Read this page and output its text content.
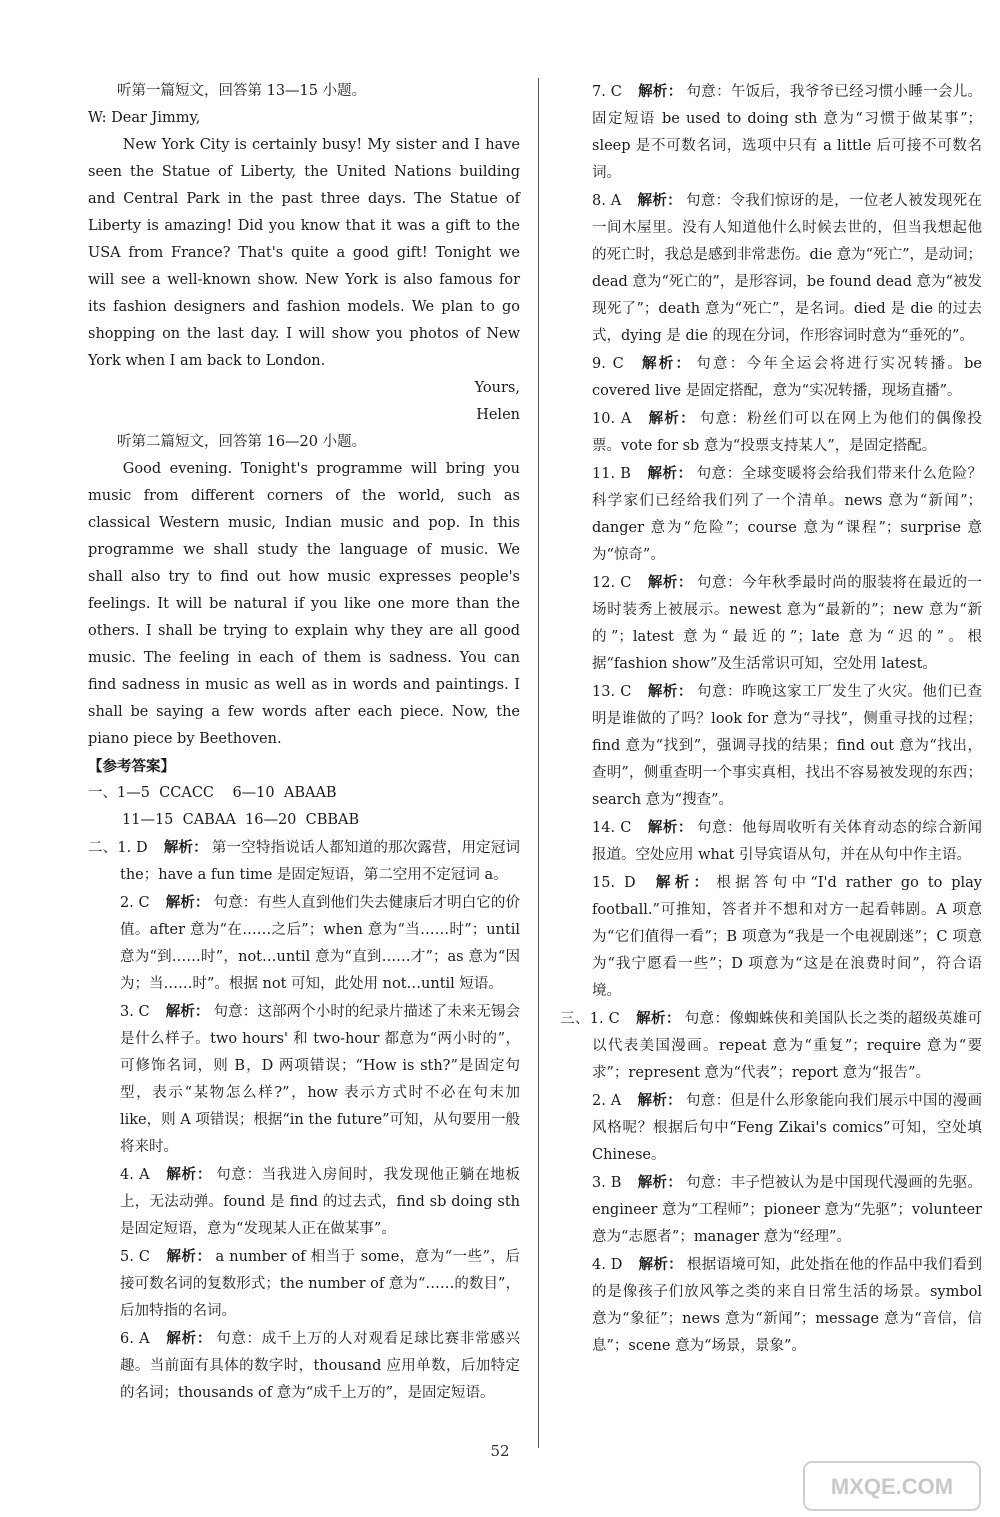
听第一篇短文，回答第 13—15 小题。

W: Dear Jimmy,

New York City is certainly busy! My sister and I have seen the Statue of Liberty, the United Nations building and Central Park in the past three days. The Statue of Liberty is amazing! Did you know that it was a gift to the USA from France? That's quite a good gift! Tonight we will see a well-known show. New York is also famous for its fashion designers and fashion models. We plan to go shopping on the last day. I will show you photos of New York when I am back to London.

Yours,

Helen

听第二篇短文，回答第 16—20 小题。

Good evening. Tonight's programme will bring you music from different corners of the world, such as classical Western music, Indian music and pop. In this programme we shall study the language of music. We shall also try to find out how music expresses people's feelings. It will be natural if you like one more than the others. I shall be trying to explain why they are all good music. The feeling in each of them is sadness. You can find sadness in music as well as in words and paintings. I shall be saying a few words after each piece. Now, the piano piece by Beethoven.

【参考答案】

一、1—5  CCACC    6—10  ABAAB

11—15  CABAA  16—20  CBBAB

二、1. D 解析： 第一空特指说话人都知道的那次露营，用定冠词 the；have a fun time 是固定短语，第二空用不定冠词 a。

2. C 解析： 句意：有些人直到他们失去健康后才明白它的价值。after 意为“在……之后”；when 意为“当……时”；until 意为“到……时”，not…until 意为“直到……才”；as 意为“因为；当……时”。根据 not 可知，此处用 not…until 短语。

3. C 解析： 句意：这部两个小时的纪录片描述了未来无锡会是什么样子。two hours' 和 two-hour 都意为“两小时的”，可修饰名词，则 B，D 两项错误；“How is sth?”是固定句型，表示“某物怎么样?”，how 表示方式时不必在句末加 like，则 A 项错误；根据“in the future”可知，从句要用一般将来时。

4. A 解析： 句意：当我进入房间时，我发现他正躺在地板上，无法动弹。found 是 find 的过去式，find sb doing sth 是固定短语，意为“发现某人正在做某事”。

5. C 解析： a number of 相当于 some，意为“一些”，后接可数名词的复数形式；the number of 意为“……的数目”，后加特指的名词。

6. A 解析： 句意：成千上万的人对观看足球比赛非常感兴趣。当前面有具体的数字时，thousand 应用单数，后加特定的名词；thousands of 意为“成千上万的”，是固定短语。

7. C 解析： 句意：午饭后，我爷爷已经习惯小睡一会儿。固定短语 be used to doing sth 意为“习惯于做某事”；sleep 是不可数名词，选项中只有 a little 后可接不可数名词。

8. A 解析： 句意：令我们惊讶的是，一位老人被发现死在一间木屋里。没有人知道他什么时候去世的，但当我想起他的死亡时，我总是感到非常悲伤。die 意为“死亡”，是动词；dead 意为“死亡的”，是形容词，be found dead 意为“被发现死了”；death 意为“死亡”，是名词。died 是 die 的过去式，dying 是 die 的现在分词，作形容词时意为“垂死的”。

9. C 解析： 句意：今年全运会将进行实况转播。be covered live 是固定搭配，意为“实况转播，现场直播”。

10. A 解析： 句意：粉丝们可以在网上为他们的偶像投票。vote for sb 意为“投票支持某人”，是固定搭配。

11. B 解析： 句意：全球变暖将会给我们带来什么危险？科学家们已经给我们列了一个清单。news 意为“新闻”；danger 意为“危险”；course 意为“课程”；surprise 意为“惊奇”。

12. C 解析： 句意：今年秋季最时尚的服装将在最近的一场时装秀上被展示。newest 意为“最新的”；new 意为“新的”；latest 意为“最近的”；late 意为“迟的”。根据“fashion show”及生活常识可知，空处用 latest。

13. C 解析： 句意：昨晚这家工厂发生了火灾。他们已查明是谁做的了吗？look for 意为“寻找”，侧重寻找的过程；find 意为“找到”，强调寻找的结果；find out 意为“找出，查明”，侧重查明一个事实真相，找出不容易被发现的东西；search 意为“搜查”。

14. C 解析： 句意：他每周收听有关体育动态的综合新闻报道。空处应用 what 引导宾语从句，并在从句中作主语。

15. D 解析： 根据答句中“I'd rather go to play football.”可推知，答者并不想和对方一起看韩剧。A 项意为“它们值得一看”；B 项意为“我是一个电视剧迷”；C 项意为“我宁愿看一些”；D 项意为“这是在浪费时间”，符合语境。

三、1. C 解析： 句意：像蜘蛛侠和美国队长之类的超级英雄可以代表美国漫画。repeat 意为“重复”；require 意为“要求”；represent 意为“代表”；report 意为“报告”。

2. A 解析： 句意：但是什么形象能向我们展示中国的漫画风格呢？根据后句中“Feng Zikai's comics”可知，空处填 Chinese。

3. B 解析： 句意：丰子恺被认为是中国现代漫画的先驱。engineer 意为“工程师”；pioneer 意为“先驱”；volunteer 意为“志愿者”；manager 意为“经理”。

4. D 解析： 根据语境可知，此处指在他的作品中我们看到的是像孩子们放风筝之类的来自日常生活的场景。symbol 意为“象征”；news 意为“新闻”；message 意为“音信，信息”；scene 意为“场景，景象”。

52
MXQE.COM
